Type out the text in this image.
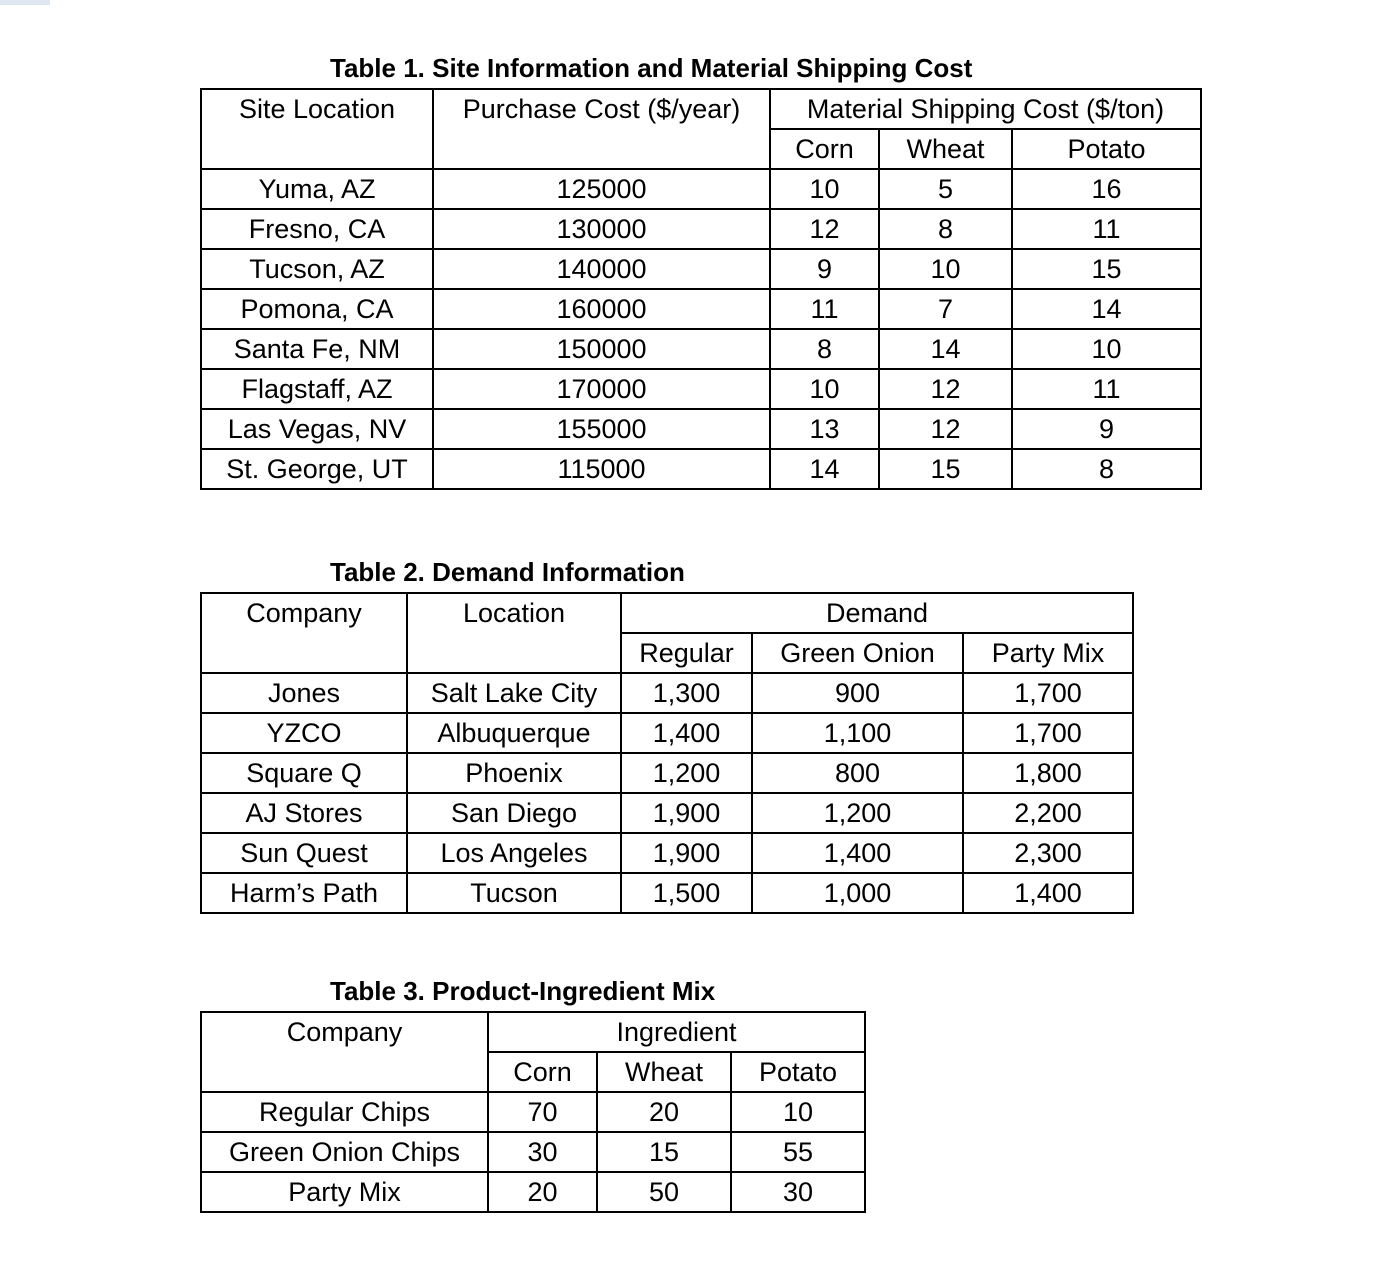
Table 1. Site Information and Material Shipping Cost
Site Location	Purchase Cost ($/year)	Material Shipping Cost ($/ton)		
		Corn	Wheat	Potato
Yuma, AZ	125000	10	5	16
Fresno, CA	130000	12	8	11
Tucson, AZ	140000	9	10	15
Pomona, CA	160000	11	7	14
Santa Fe, NM	150000	8	14	10
Flagstaff, AZ	170000	10	12	11
Las Vegas, NV	155000	13	12	9
St. George, UT	115000	14	15	8
Table 2. Demand Information
Company	Location	Demand		
		Regular	Green Onion	Party Mix
Jones	Salt Lake City	1,300	900	1,700
YZCO	Albuquerque	1,400	1,100	1,700
Square Q	Phoenix	1,200	800	1,800
AJ Stores	San Diego	1,900	1,200	2,200
Sun Quest	Los Angeles	1,900	1,400	2,300
Harm’s Path	Tucson	1,500	1,000	1,400
Table 3. Product-Ingredient Mix
Company	Ingredient		
	Corn	Wheat	Potato
Regular Chips	70	20	10
Green Onion Chips	30	15	55
Party Mix	20	50	30
